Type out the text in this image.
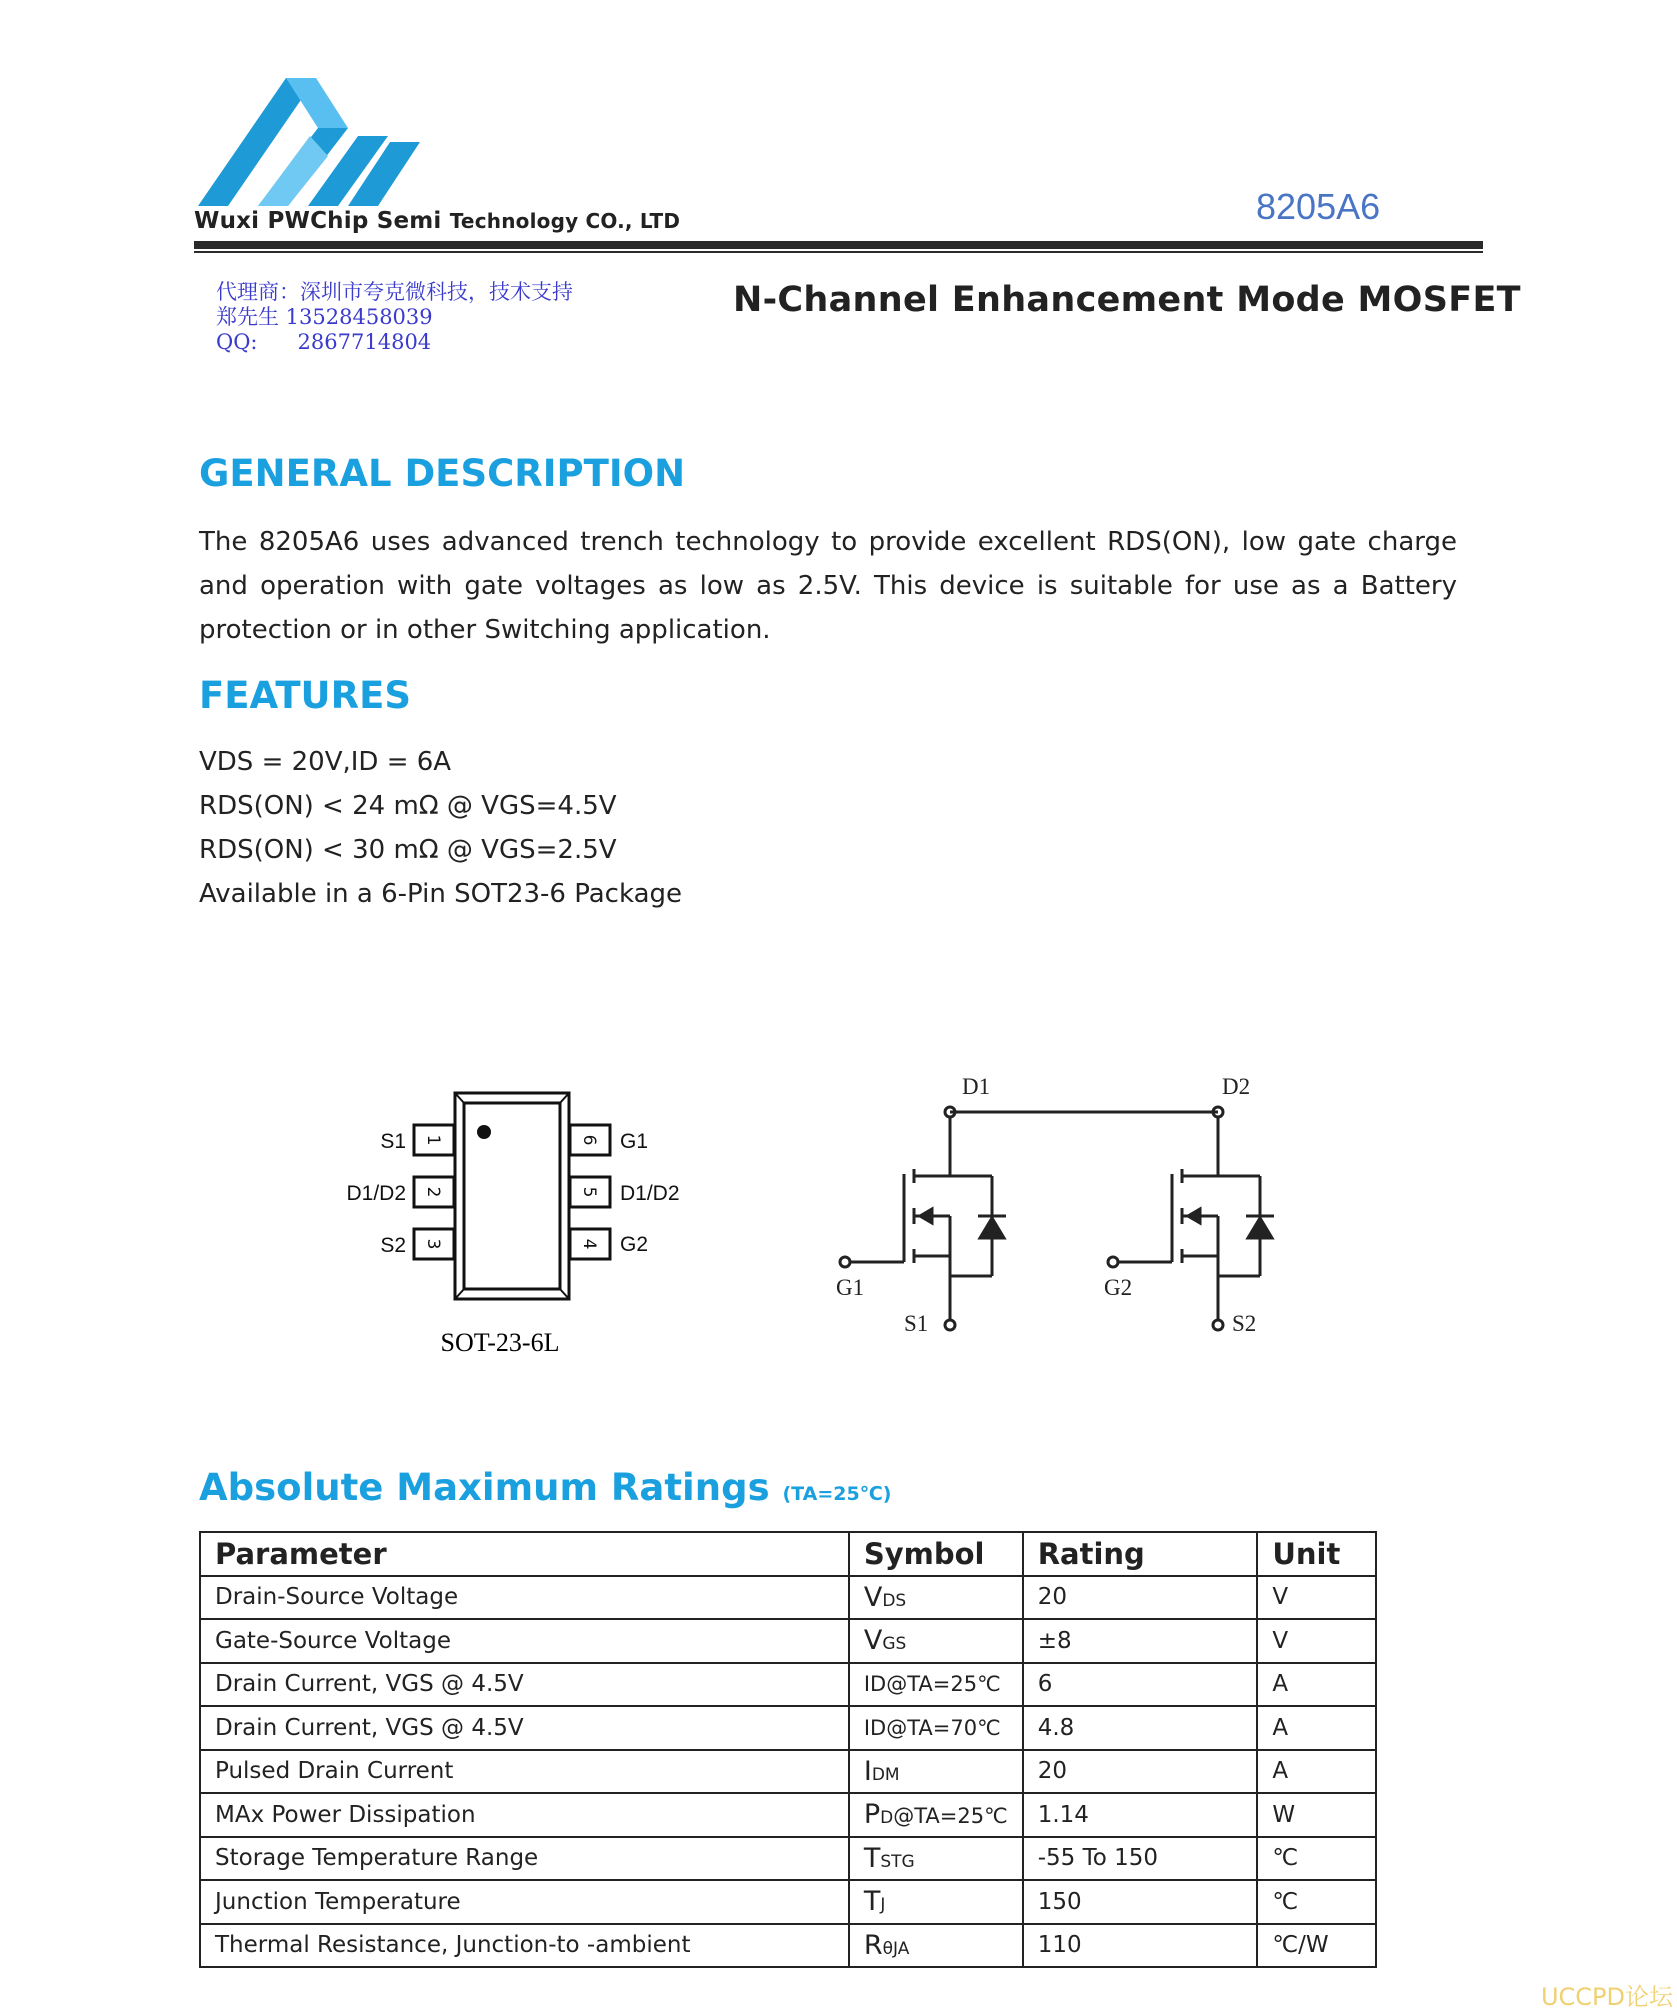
Wuxi PWChip Semi Technology CO., LTD	8205A6
代理商：深圳市夸克微科技，技术支持
郑先生 13528458039
QQ:      2867714804
N-Channel Enhancement Mode MOSFET
GENERAL DESCRIPTION
The 8205A6 uses advanced trench technology to provide excellent RDS(ON), low gate charge and operation with gate voltages as low as 2.5V. This device is suitable for use as a Battery protection or in other Switching application.
FEATURES
VDS = 20V,ID = 6A
RDS(ON) < 24 mΩ @ VGS=4.5V
RDS(ON) < 30 mΩ @ VGS=2.5V
Available in a 6-Pin SOT23-6 Package
1
2
3
6
5
4
S1
D1/D2
S2
G1
D1/D2
G2
SOT-23-6L
D1	D2
G1	G2
S1	S2
Absolute Maximum Ratings (TA=25℃)
Parameter	Symbol	Rating	Unit
Drain-Source Voltage	VDS	20	V
Gate-Source Voltage	VGS	±8	V
Drain Current, VGS @ 4.5V	ID@TA=25℃	6	A
Drain Current, VGS @ 4.5V	ID@TA=70℃	4.8	A
Pulsed Drain Current	IDM	20	A
MAx Power Dissipation	PD@TA=25℃	1.14	W
Storage Temperature Range	TSTG	-55 To 150	℃
Junction Temperature	TJ	150	℃
Thermal Resistance, Junction-to -ambient	RθJA	110	℃/W
UCCPD论坛
